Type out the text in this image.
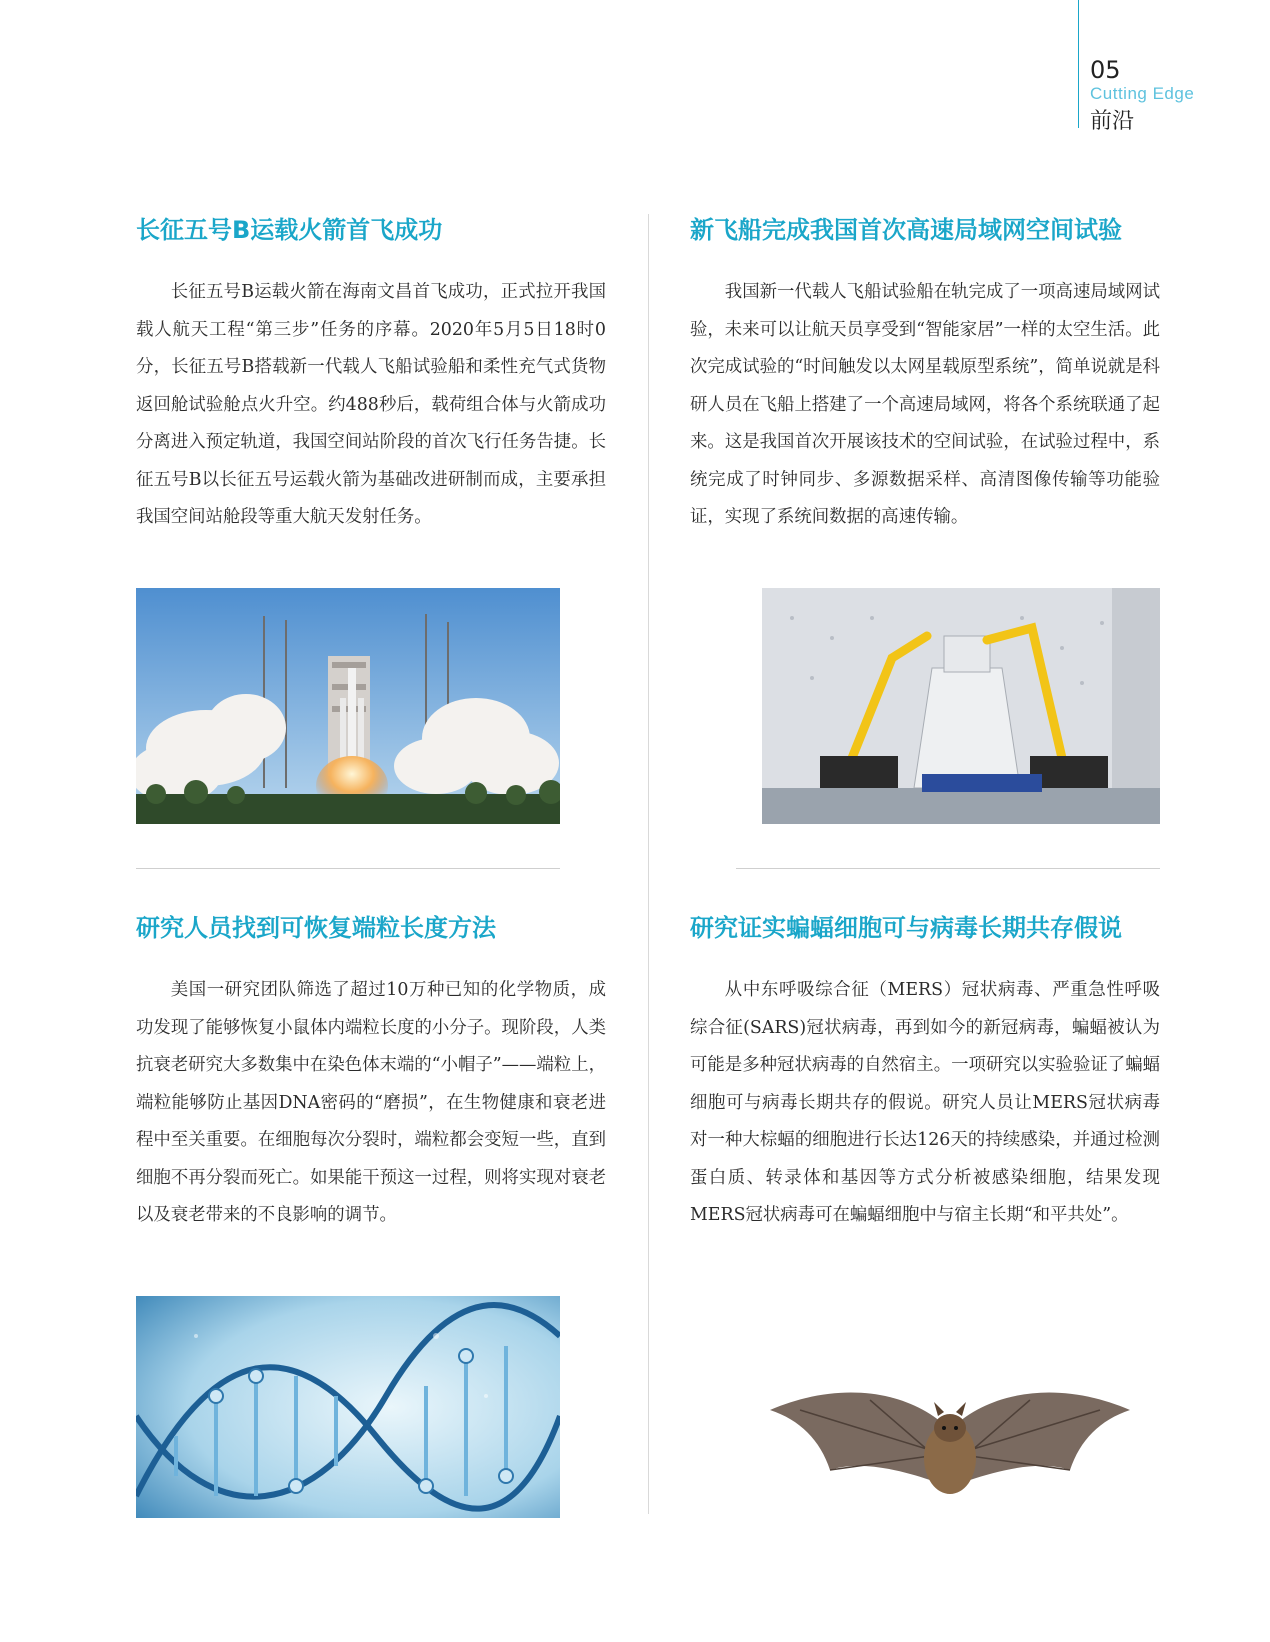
05
Cutting Edge
前沿
长征五号B运载火箭首飞成功

长征五号B运载火箭在海南文昌首飞成功，正式拉开我国载人航天工程“第三步”任务的序幕。2020年5月5日18时0分，长征五号B搭载新一代载人飞船试验船和柔性充气式货物返回舱试验舱点火升空。约488秒后，载荷组合体与火箭成功分离进入预定轨道，我国空间站阶段的首次飞行任务告捷。长征五号B以长征五号运载火箭为基础改进研制而成，主要承担我国空间站舱段等重大航天发射任务。

新飞船完成我国首次高速局域网空间试验

我国新一代载人飞船试验船在轨完成了一项高速局域网试验，未来可以让航天员享受到“智能家居”一样的太空生活。此次完成试验的“时间触发以太网星载原型系统”，简单说就是科研人员在飞船上搭建了一个高速局域网，将各个系统联通了起来。这是我国首次开展该技术的空间试验，在试验过程中，系统完成了时钟同步、多源数据采样、高清图像传输等功能验证，实现了系统间数据的高速传输。

研究人员找到可恢复端粒长度方法

美国一研究团队筛选了超过10万种已知的化学物质，成功发现了能够恢复小鼠体内端粒长度的小分子。现阶段，人类抗衰老研究大多数集中在染色体末端的“小帽子”——端粒上，端粒能够防止基因DNA密码的“磨损”，在生物健康和衰老进程中至关重要。在细胞每次分裂时，端粒都会变短一些，直到细胞不再分裂而死亡。如果能干预这一过程，则将实现对衰老以及衰老带来的不良影响的调节。

研究证实蝙蝠细胞可与病毒长期共存假说

从中东呼吸综合征（MERS）冠状病毒、严重急性呼吸综合征(SARS)冠状病毒，再到如今的新冠病毒，蝙蝠被认为可能是多种冠状病毒的自然宿主。一项研究以实验验证了蝙蝠细胞可与病毒长期共存的假说。研究人员让MERS冠状病毒对一种大棕蝠的细胞进行长达126天的持续感染，并通过检测蛋白质、转录体和基因等方式分析被感染细胞，结果发现MERS冠状病毒可在蝙蝠细胞中与宿主长期“和平共处”。
